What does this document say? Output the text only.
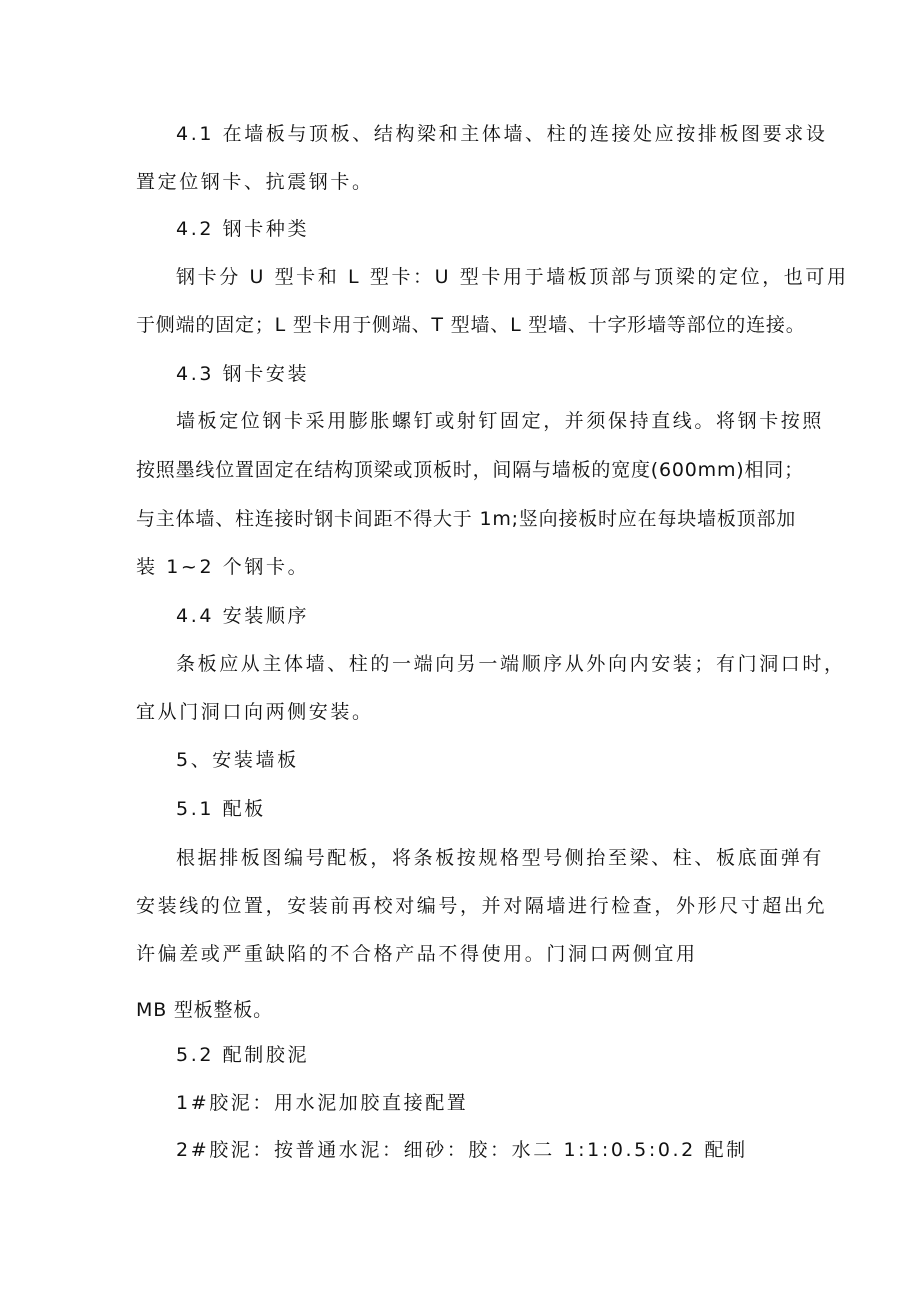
4.1 在墙板与顶板、结构梁和主体墙、柱的连接处应按排板图要求设
置定位钢卡、抗震钢卡。
4.2 钢卡种类
钢卡分 U 型卡和 L 型卡：U 型卡用于墙板顶部与顶梁的定位，也可用
于侧端的固定；L 型卡用于侧端、T 型墙、L 型墙、十字形墙等部位的连接。
4.3 钢卡安装
墙板定位钢卡采用膨胀螺钉或射钉固定，并须保持直线。将钢卡按照
按照墨线位置固定在结构顶梁或顶板时，间隔与墙板的宽度(600mm)相同；
与主体墙、柱连接时钢卡间距不得大于 1m;竖向接板时应在每块墙板顶部加
装 1~2 个钢卡。
4.4 安装顺序
条板应从主体墙、柱的一端向另一端顺序从外向内安装；有门洞口时，
宜从门洞口向两侧安装。
5、安装墙板
5.1 配板
根据排板图编号配板，将条板按规格型号侧抬至梁、柱、板底面弹有
安装线的位置，安装前再校对编号，并对隔墙进行检查，外形尺寸超出允
许偏差或严重缺陷的不合格产品不得使用。门洞口两侧宜用
MB 型板整板。
5.2 配制胶泥
1#胶泥：用水泥加胶直接配置
2#胶泥：按普通水泥：细砂：胶：水二 1:1:0.5:0.2 配制
